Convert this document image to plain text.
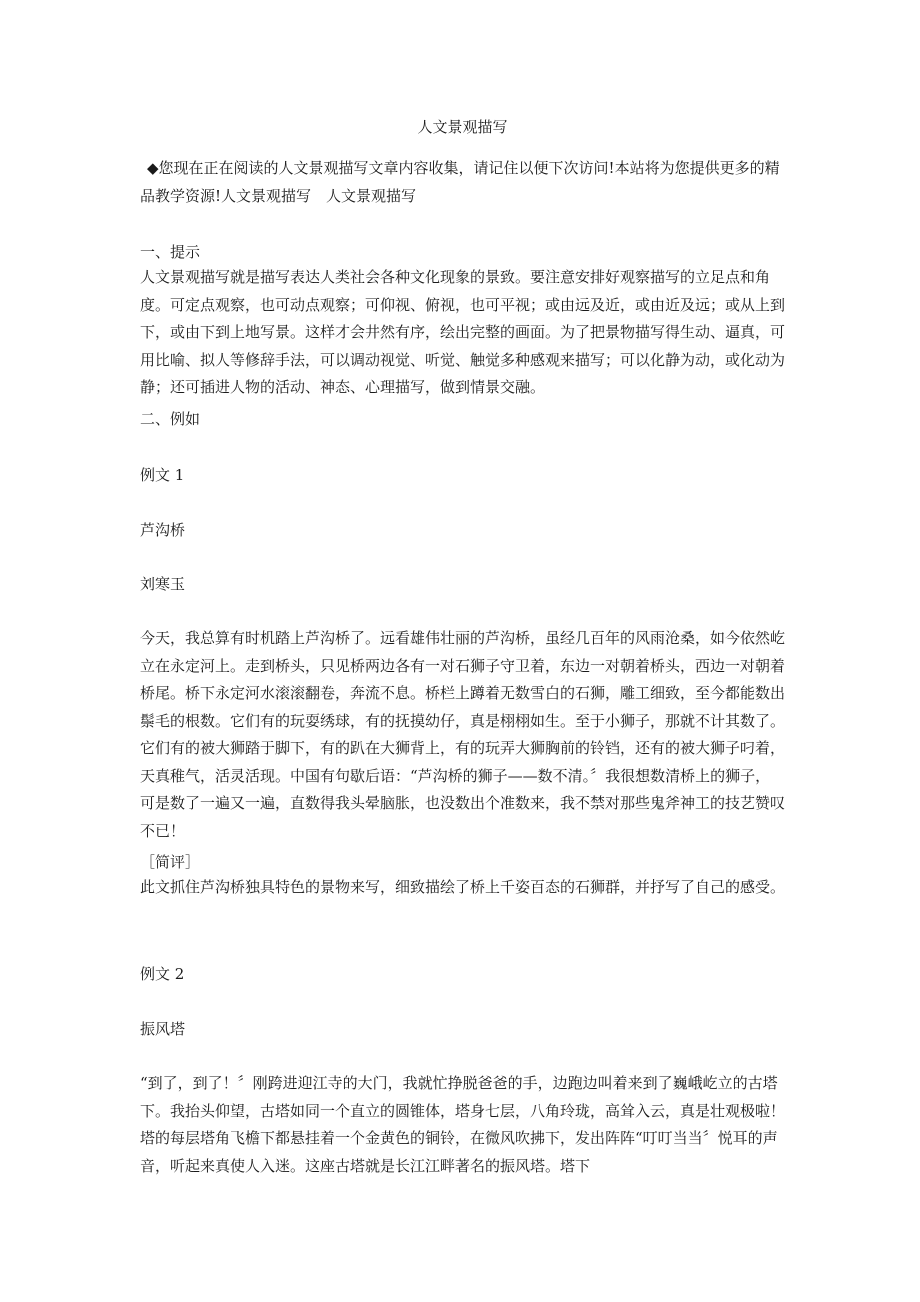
人文景观描写
◆您现在正在阅读的人文景观描写文章内容收集，请记住以便下次访问!本站将为您提供更多的精品教学资源!人文景观描写　人文景观描写
一、提示
人文景观描写就是描写表达人类社会各种文化现象的景致。要注意安排好观察描写的立足点和角度。可定点观察，也可动点观察；可仰视、俯视，也可平视；或由远及近，或由近及远；或从上到下，或由下到上地写景。这样才会井然有序，绘出完整的画面。为了把景物描写得生动、逼真，可用比喻、拟人等修辞手法，可以调动视觉、听觉、触觉多种感观来描写；可以化静为动，或化动为静；还可插进人物的活动、神态、心理描写，做到情景交融。
二、例如
例文 1
芦沟桥
刘寒玉
今天，我总算有时机踏上芦沟桥了。远看雄伟壮丽的芦沟桥，虽经几百年的风雨沧桑，如今依然屹立在永定河上。走到桥头，只见桥两边各有一对石狮子守卫着，东边一对朝着桥头，西边一对朝着桥尾。桥下永定河水滚滚翻卷，奔流不息。桥栏上蹲着无数雪白的石狮，雕工细致，至今都能数出鬃毛的根数。它们有的玩耍绣球，有的抚摸幼仔，真是栩栩如生。至于小狮子，那就不计其数了。它们有的被大狮踏于脚下，有的趴在大狮背上，有的玩弄大狮胸前的铃铛，还有的被大狮子叼着，天真稚气，活灵活现。中国有句歇后语：“芦沟桥的狮子——数不清。〞我很想数清桥上的狮子，可是数了一遍又一遍，直数得我头晕脑胀，也没数出个准数来，我不禁对那些鬼斧神工的技艺赞叹不已！
［简评］
此文抓住芦沟桥独具特色的景物来写，细致描绘了桥上千姿百态的石狮群，并抒写了自己的感受。
例文 2
振风塔
“到了，到了！〞刚跨进迎江寺的大门，我就忙挣脱爸爸的手，边跑边叫着来到了巍峨屹立的古塔下。我抬头仰望，古塔如同一个直立的圆锥体，塔身七层，八角玲珑，高耸入云，真是壮观极啦！塔的每层塔角飞檐下都悬挂着一个金黄色的铜铃，在微风吹拂下，发出阵阵“叮叮当当〞悦耳的声音，听起来真使人入迷。这座古塔就是长江江畔著名的振风塔。塔下
